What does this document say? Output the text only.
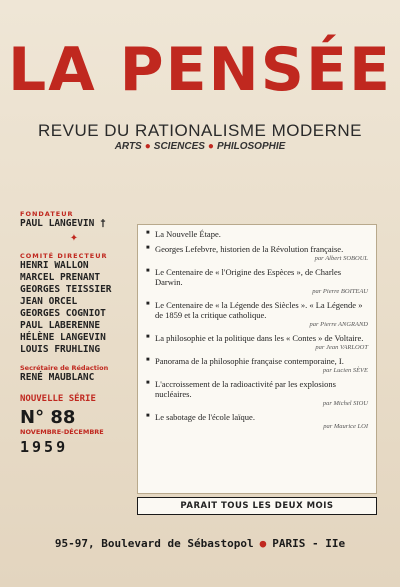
LA PENSÉE
REVUE DU RATIONALISME MODERNE
ARTS ● SCIENCES ● PHILOSOPHIE
FONDATEUR
PAUL LANGEVIN †
✦
COMITÉ DIRECTEUR
HENRI WALLON
MARCEL PRENANT
GEORGES TEISSIER
JEAN ORCEL
GEORGES COGNIOT
PAUL LABERENNE
HÉLÈNE LANGEVIN
LOUIS FRUHLING
Secrétaire de Rédaction
RENÉ MAUBLANC
NOUVELLE SÉRIE
N° 88
NOVEMBRE-DÉCEMBRE
1959
■ La Nouvelle Étape.
■ Georges Lefebvre, historien de la Révolution française.
par Albert SOBOUL
■ Le Centenaire de « l'Origine des Espèces », de Charles Darwin.
par Pierre BOITEAU
■ Le Centenaire de « la Légende des Siècles ». « La Légende » de 1859 et la critique catholique.
par Pierre ANGRAND
■ La philosophie et la politique dans les « Contes » de Voltaire.
par Jean VARLOOT
■ Panorama de la philosophie française contemporaine, I.
par Lucien SÈVE
■ L'accroissement de la radioactivité par les explosions nucléaires.
par Michel SIOU
■ Le sabotage de l'école laïque.
par Maurice LOI
PARAIT TOUS LES DEUX MOIS
95-97, Boulevard de Sébastopol ● PARIS - IIe
